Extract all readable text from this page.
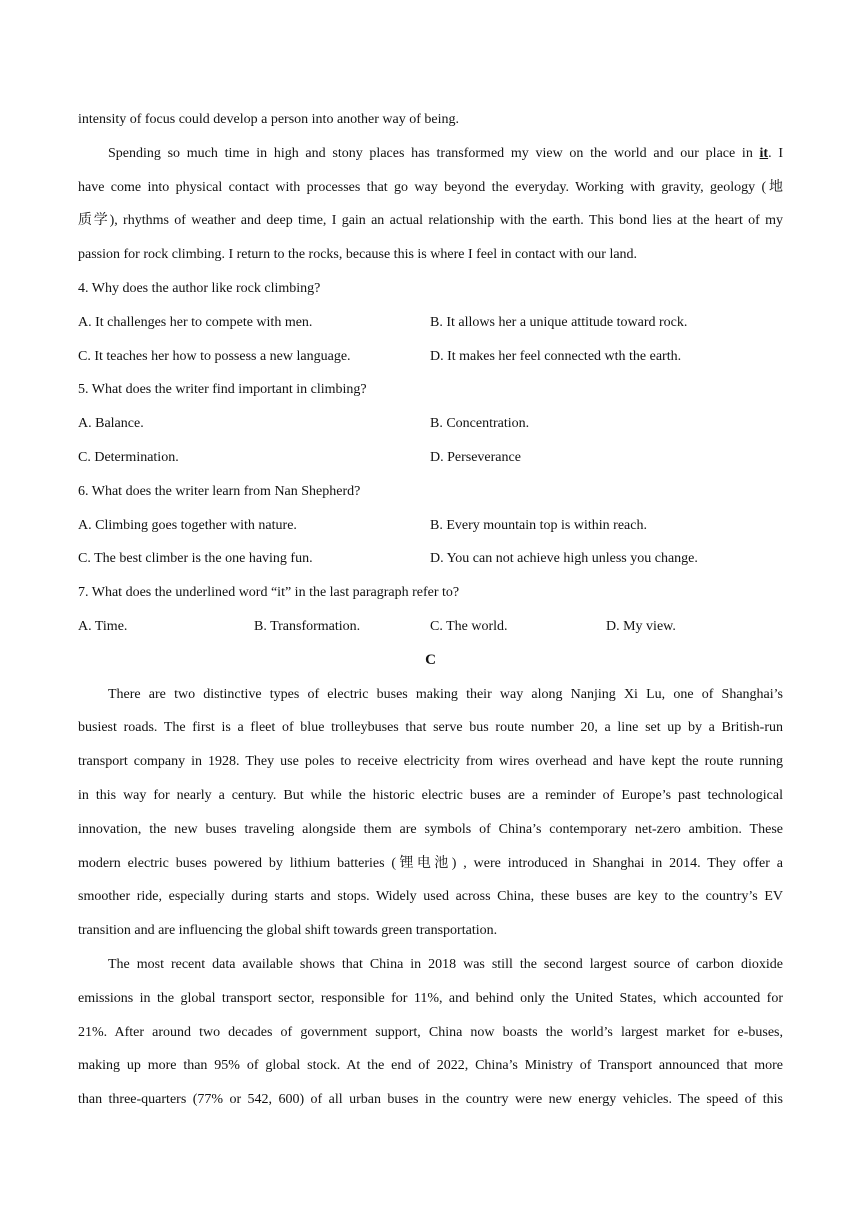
intensity of focus could develop a person into another way of being.
Spending so much time in high and stony places has transformed my view on the world and our place in it. I
have come into physical contact with processes that go way beyond the everyday. Working with gravity, geology (地
质学), rhythms of weather and deep time, I gain an actual relationship with the earth. This bond lies at the heart of my
passion for rock climbing. I return to the rocks, because this is where I feel in contact with our land.
4. Why does the author like rock climbing?
A. It challenges her to compete with men.	B. It allows her a unique attitude toward rock.
C. It teaches her how to possess a new language.	D. It makes her feel connected wth the earth.
5. What does the writer find important in climbing?
A. Balance.	B. Concentration.
C. Determination.	D. Perseverance
6. What does the writer learn from Nan Shepherd?
A. Climbing goes together with nature.	B. Every mountain top is within reach.
C. The best climber is the one having fun.	D. You can not achieve high unless you change.
7. What does the underlined word “it” in the last paragraph refer to?
A. Time.	B. Transformation.	C. The world.	D. My view.
C
There are two distinctive types of electric buses making their way along Nanjing Xi Lu, one of Shanghai’s
busiest roads. The first is a fleet of blue trolleybuses that serve bus route number 20, a line set up by a British-run
transport company in 1928. They use poles to receive electricity from wires overhead and have kept the route running
in this way for nearly a century. But while the historic electric buses are a reminder of Europe’s past technological
innovation, the new buses traveling alongside them are symbols of China’s contemporary net-zero ambition. These
modern electric buses powered by lithium batteries (锂电池) , were introduced in Shanghai in 2014. They offer a
smoother ride, especially during starts and stops. Widely used across China, these buses are key to the country’s EV
transition and are influencing the global shift towards green transportation.
The most recent data available shows that China in 2018 was still the second largest source of carbon dioxide
emissions in the global transport sector, responsible for 11%, and behind only the United States, which accounted for
21%. After around two decades of government support, China now boasts the world’s largest market for e-buses,
making up more than 95% of global stock. At the end of 2022, China’s Ministry of Transport announced that more
than three-quarters (77% or 542, 600) of all urban buses in the country were new energy vehicles. The speed of this
